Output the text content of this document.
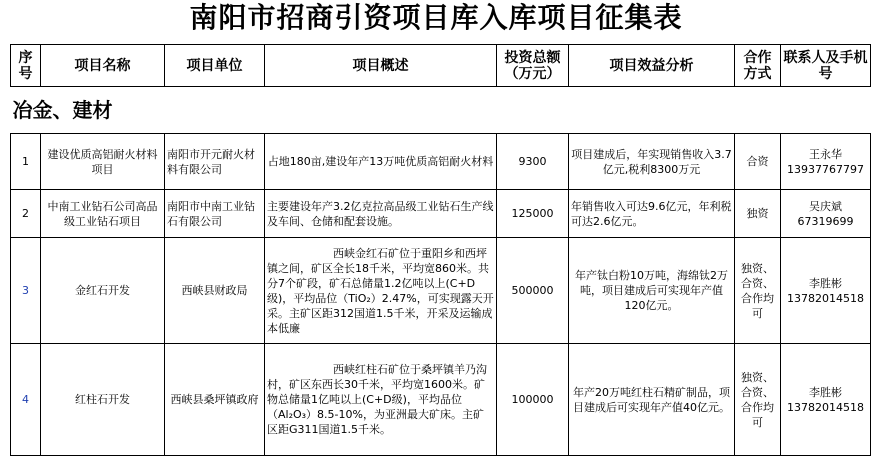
南阳市招商引资项目库入库项目征集表
序号	项目名称	项目单位	项目概述	投资总额（万元）	项目效益分析	合作方式	联系人及手机号
冶金、建材							
1	建设优质高铝耐火材料项目	南阳市开元耐火材料有限公司	占地180亩,建设年产13万吨优质高铝耐火材料	9300	项目建成后，年实现销售收入3.7亿元,税利8300万元	合资	王永华
13937767797

2	中南工业钻石公司高品级工业钻石项目	南阳市中南工业钻石有限公司	主要建设年产3.2亿克拉高品级工业钻石生产线及车间、仓储和配套设施。	125000	年销售收入可达9.6亿元，年利税可达2.6亿元。	独资	吴庆斌
67319699

3	金红石开发	西峡县财政局	西峡金红石矿位于重阳乡和西坪镇之间，矿区全长18千米，平均宽860米。共分7个矿段，矿石总储量1.2亿吨以上(C+D级)，平均品位（TiO₂）2.47%，可实现露天开采。主矿区距312国道1.5千米，开采及运输成本低廉	500000	年产钛白粉10万吨，海绵钛2万吨，项目建成后可实现年产值120亿元。	独资、合资、合作均可	李胜彬
13782014518

4	红柱石开发	西峡县桑坪镇政府	西峡红柱石矿位于桑坪镇羊乃沟村，矿区东西长30千米，平均宽1600米。矿物总储量1亿吨以上(C+D级)，平均品位（Al₂O₃）8.5-10%，为亚洲最大矿床。主矿区距G311国道1.5千米。	100000	年产20万吨红柱石精矿制品，项目建成后可实现年产值40亿元。	独资、合资、合作均可	李胜彬
13782014518
